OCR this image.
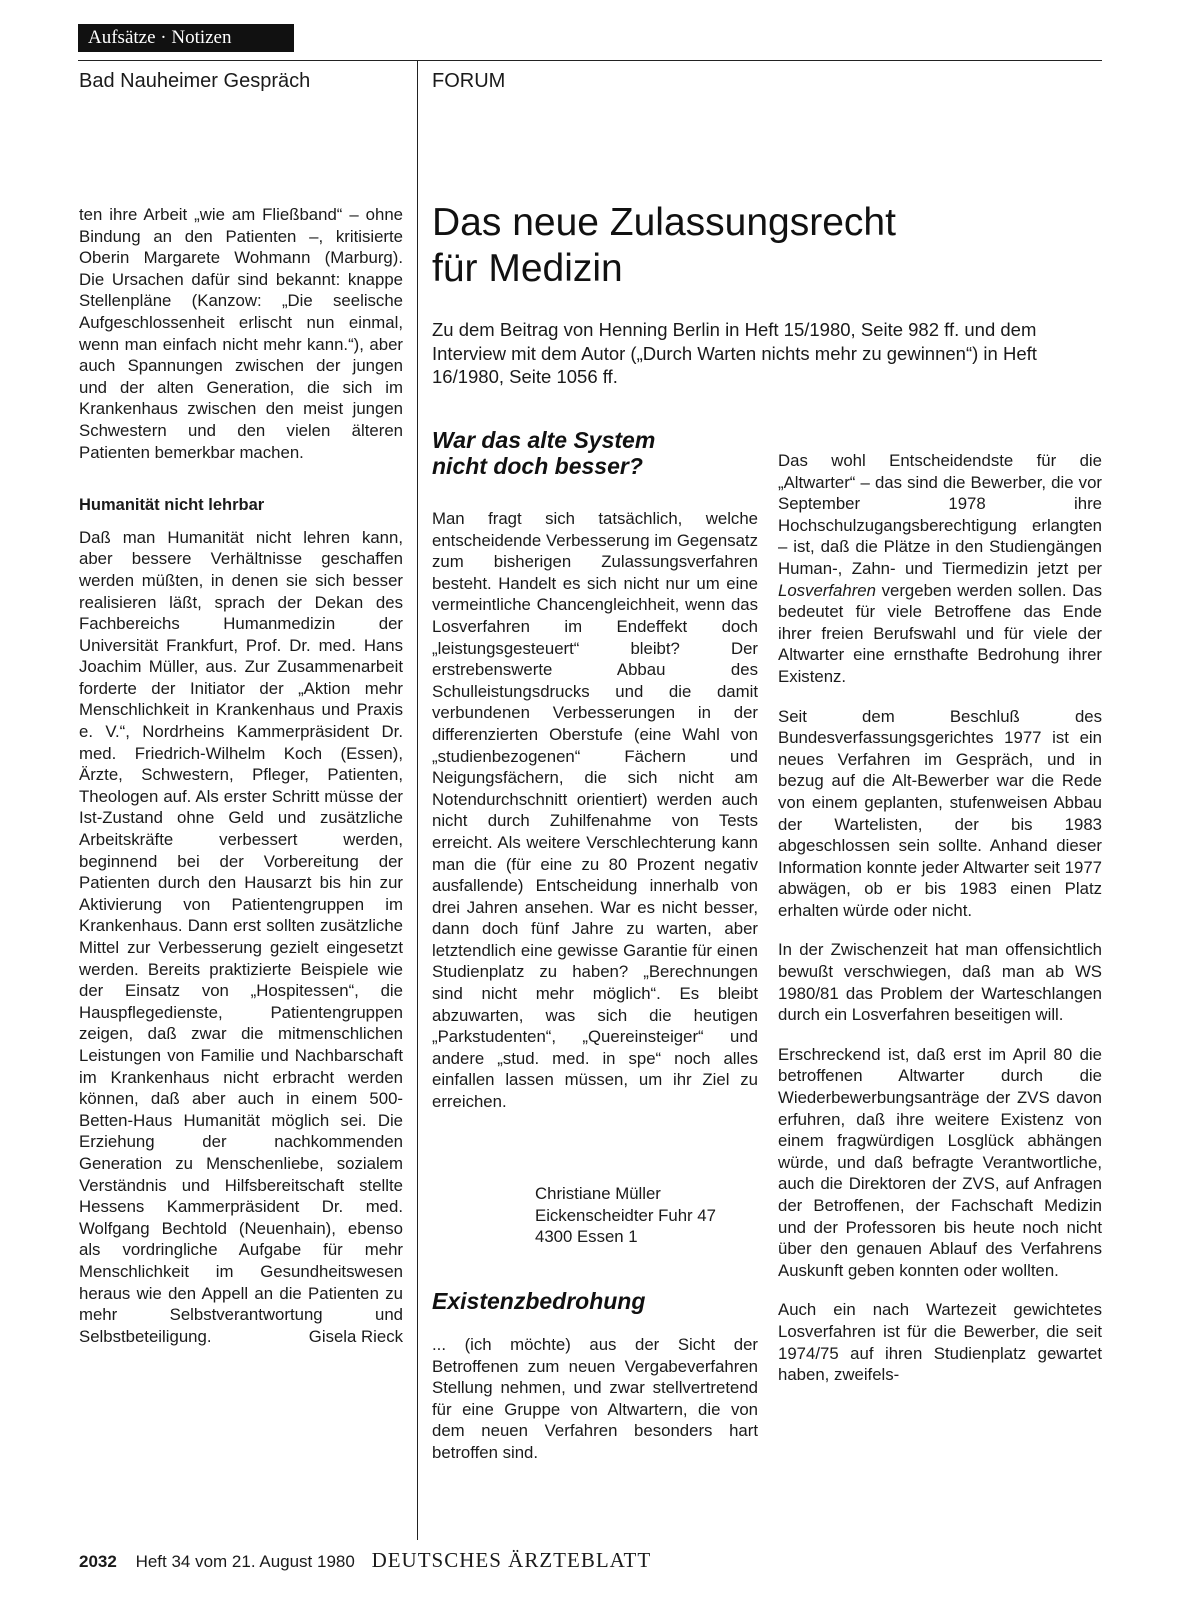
Aufsätze · Notizen
Bad Nauheimer Gespräch	FORUM

ten ihre Arbeit „wie am Fließband“ – ohne Bindung an den Patienten –, kritisierte Oberin Margarete Wohmann (Marburg). Die Ursachen dafür sind bekannt: knappe Stellenpläne (Kanzow: „Die seelische Aufgeschlossenheit erlischt nun einmal, wenn man einfach nicht mehr kann.“), aber auch Spannungen zwischen der jungen und der alten Generation, die sich im Krankenhaus zwischen den meist jungen Schwestern und den vielen älteren Patienten bemerkbar machen.

Humanität nicht lehrbar

Daß man Humanität nicht lehren kann, aber bessere Verhältnisse geschaffen werden müßten, in denen sie sich besser realisieren läßt, sprach der Dekan des Fachbereichs Humanmedizin der Universität Frankfurt, Prof. Dr. med. Hans Joachim Müller, aus. Zur Zusammenarbeit forderte der Initiator der „Aktion mehr Menschlichkeit in Krankenhaus und Praxis e. V.“, Nordrheins Kammerpräsident Dr. med. Friedrich-Wilhelm Koch (Essen), Ärzte, Schwestern, Pfleger, Patienten, Theologen auf. Als erster Schritt müsse der Ist-Zustand ohne Geld und zusätzliche Arbeitskräfte verbessert werden, beginnend bei der Vorbereitung der Patienten durch den Hausarzt bis hin zur Aktivierung von Patientengruppen im Krankenhaus. Dann erst sollten zusätzliche Mittel zur Verbesserung gezielt eingesetzt werden. Bereits praktizierte Beispiele wie der Einsatz von „Hospitessen“, die Hauspflegedienste, Patientengruppen zeigen, daß zwar die mitmenschlichen Leistungen von Familie und Nachbarschaft im Krankenhaus nicht erbracht werden können, daß aber auch in einem 500-Betten-Haus Humanität möglich sei. Die Erziehung der nachkommenden Generation zu Menschenliebe, sozialem Verständnis und Hilfsbereitschaft stellte Hessens Kammerpräsident Dr. med. Wolfgang Bechtold (Neuenhain), ebenso als vordringliche Aufgabe für mehr Menschlichkeit im Gesundheitswesen heraus wie den Appell an die Patienten zu mehr Selbstverantwortung und Selbstbeteiligung.	Gisela Rieck

Das neue Zulassungsrecht
für Medizin
Zu dem Beitrag von Henning Berlin in Heft 15/1980, Seite 982 ff. und dem Interview mit dem Autor („Durch Warten nichts mehr zu gewinnen“) in Heft 16/1980, Seite 1056 ff.
War das alte System
nicht doch besser?

Man fragt sich tatsächlich, welche entscheidende Verbesserung im Gegensatz zum bisherigen Zulassungsverfahren besteht. Handelt es sich nicht nur um eine vermeintliche Chancengleichheit, wenn das Losverfahren im Endeffekt doch „leistungsgesteuert“ bleibt? Der erstrebenswerte Abbau des Schulleistungsdrucks und die damit verbundenen Verbesserungen in der differenzierten Oberstufe (eine Wahl von „studienbezogenen“ Fächern und Neigungsfächern, die sich nicht am Notendurchschnitt orientiert) werden auch nicht durch Zuhilfenahme von Tests erreicht. Als weitere Verschlechterung kann man die (für eine zu 80 Prozent negativ ausfallende) Entscheidung innerhalb von drei Jahren ansehen. War es nicht besser, dann doch fünf Jahre zu warten, aber letztendlich eine gewisse Garantie für einen Studienplatz zu haben? „Berechnungen sind nicht mehr möglich“. Es bleibt abzuwarten, was sich die heutigen „Parkstudenten“, „Quereinsteiger“ und andere „stud. med. in spe“ noch alles einfallen lassen müssen, um ihr Ziel zu erreichen.

Christiane Müller
Eickenscheidter Fuhr 47
4300 Essen 1
Existenzbedrohung

... (ich möchte) aus der Sicht der Betroffenen zum neuen Vergabeverfahren Stellung nehmen, und zwar stellvertretend für eine Gruppe von Altwartern, die von dem neuen Verfahren besonders hart betroffen sind.

Das wohl Entscheidendste für die „Altwarter“ – das sind die Bewerber, die vor September 1978 ihre Hochschulzugangsberechtigung erlangten – ist, daß die Plätze in den Studiengängen Human-, Zahn- und Tiermedizin jetzt per Losverfahren vergeben werden sollen. Das bedeutet für viele Betroffene das Ende ihrer freien Berufswahl und für viele der Altwarter eine ernsthafte Bedrohung ihrer Existenz.

Seit dem Beschluß des Bundesverfassungsgerichtes 1977 ist ein neues Verfahren im Gespräch, und in bezug auf die Alt-Bewerber war die Rede von einem geplanten, stufenweisen Abbau der Wartelisten, der bis 1983 abgeschlossen sein sollte. Anhand dieser Information konnte jeder Altwarter seit 1977 abwägen, ob er bis 1983 einen Platz erhalten würde oder nicht.

In der Zwischenzeit hat man offensichtlich bewußt verschwiegen, daß man ab WS 1980/81 das Problem der Warteschlangen durch ein Losverfahren beseitigen will.

Erschreckend ist, daß erst im April 80 die betroffenen Altwarter durch die Wiederbewerbungsanträge der ZVS davon erfuhren, daß ihre weitere Existenz von einem fragwürdigen Losglück abhängen würde, und daß befragte Verantwortliche, auch die Direktoren der ZVS, auf Anfragen der Betroffenen, der Fachschaft Medizin und der Professoren bis heute noch nicht über den genauen Ablauf des Verfahrens Auskunft geben konnten oder wollten.

Auch ein nach Wartezeit gewichtetes Losverfahren ist für die Bewerber, die seit 1974/75 auf ihren Studienplatz gewartet haben, zweifels-

2032 Heft 34 vom 21. August 1980 DEUTSCHES ÄRZTEBLATT
